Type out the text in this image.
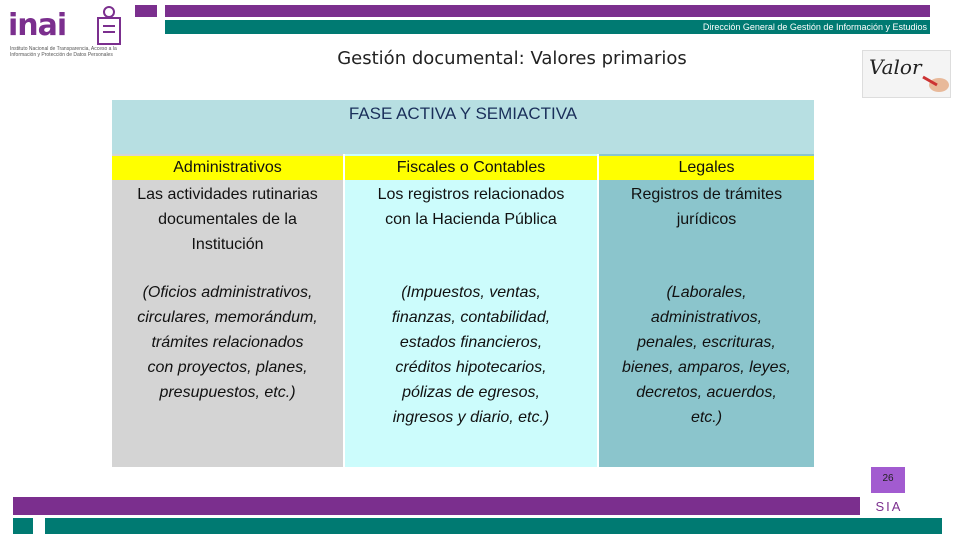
Dirección General de Gestión de Información y Estudios
inai
Instituto Nacional de Transparencia, Acceso a la Información y Protección de Datos Personales	Gestión documental: Valores primarios	Valor
FASE ACTIVA Y SEMIACTIVA
Administrativos
Las actividades rutinarias
documentales de la
Institución
(Oficios administrativos,
circulares, memorándum,
trámites relacionados
con proyectos, planes,
presupuestos, etc.)
Fiscales o Contables
Los registros relacionados
con la Hacienda Pública
(Impuestos, ventas,
finanzas, contabilidad,
estados financieros,
créditos hipotecarios,
pólizas de egresos,
ingresos y diario, etc.)
Legales
Registros de trámites
jurídicos
(Laborales,
administrativos,
penales, escrituras,
bienes, amparos, leyes,
decretos, acuerdos,
etc.)
26
SIA
